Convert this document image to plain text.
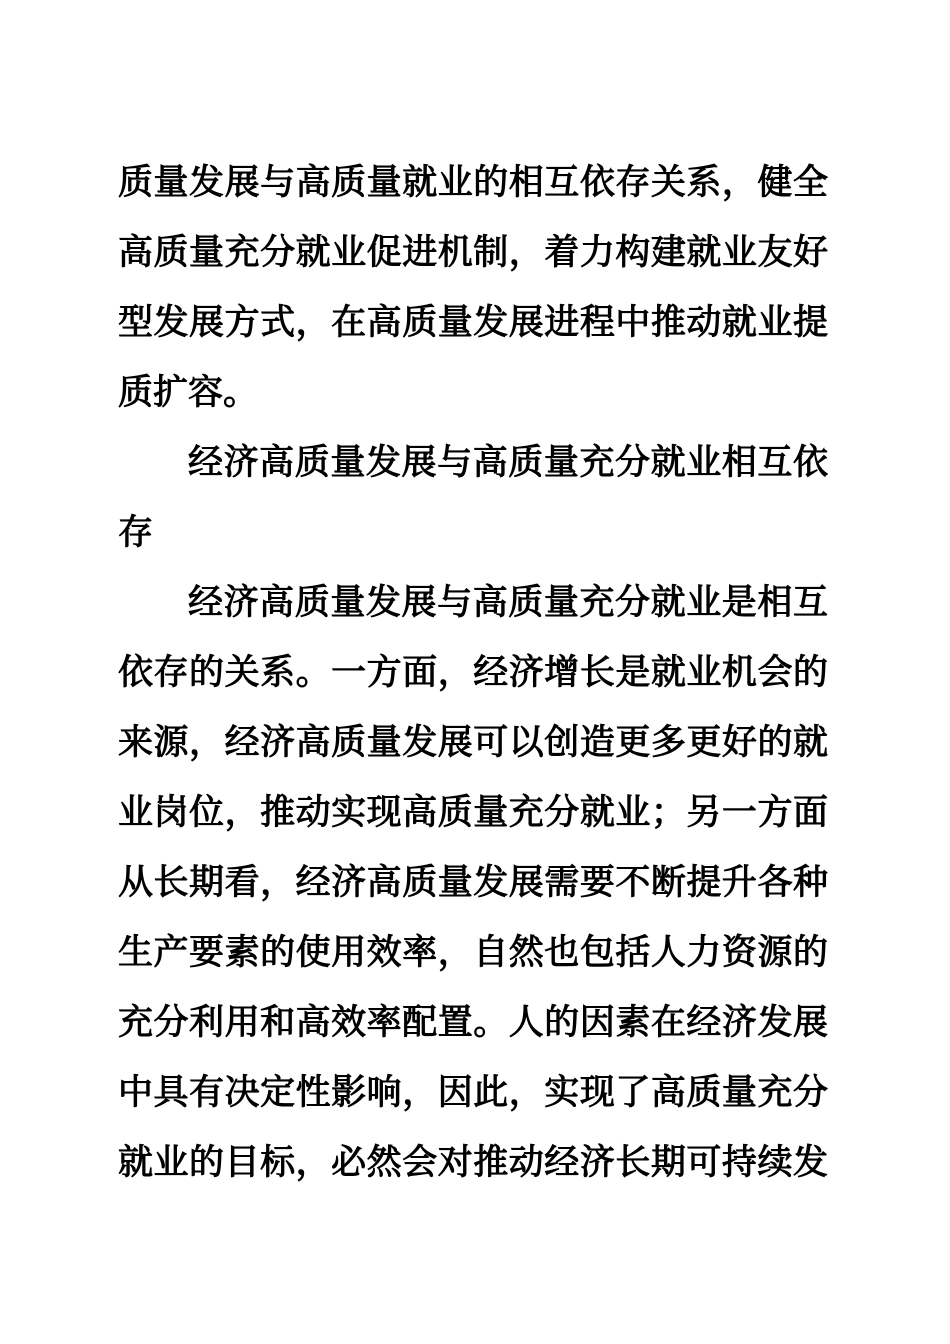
质量发展与高质量就业的相互依存关系，健全
高质量充分就业促进机制，着力构建就业友好
型发展方式，在高质量发展进程中推动就业提
质扩容。
经济高质量发展与高质量充分就业相互依
存
经济高质量发展与高质量充分就业是相互
依存的关系。一方面，经济增长是就业机会的
来源，经济高质量发展可以创造更多更好的就
业岗位，推动实现高质量充分就业；另一方面
从长期看，经济高质量发展需要不断提升各种
生产要素的使用效率，自然也包括人力资源的
充分利用和高效率配置。人的因素在经济发展
中具有决定性影响，因此，实现了高质量充分
就业的目标，必然会对推动经济长期可持续发
